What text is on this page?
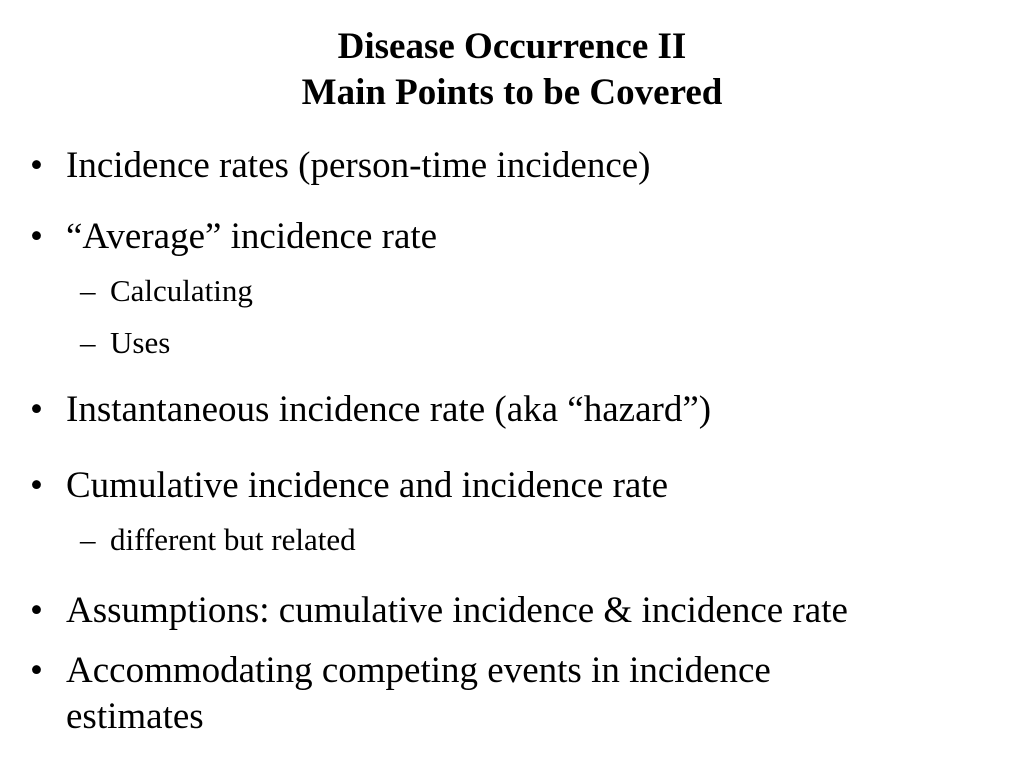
Disease Occurrence II
Main Points to be Covered
• Incidence rates (person-time incidence)
• “Average” incidence rate
– Calculating
– Uses
• Instantaneous incidence rate (aka “hazard”)
• Cumulative incidence and incidence rate
– different but related
• Assumptions: cumulative incidence & incidence rate
• Accommodating competing events in incidence
estimates
